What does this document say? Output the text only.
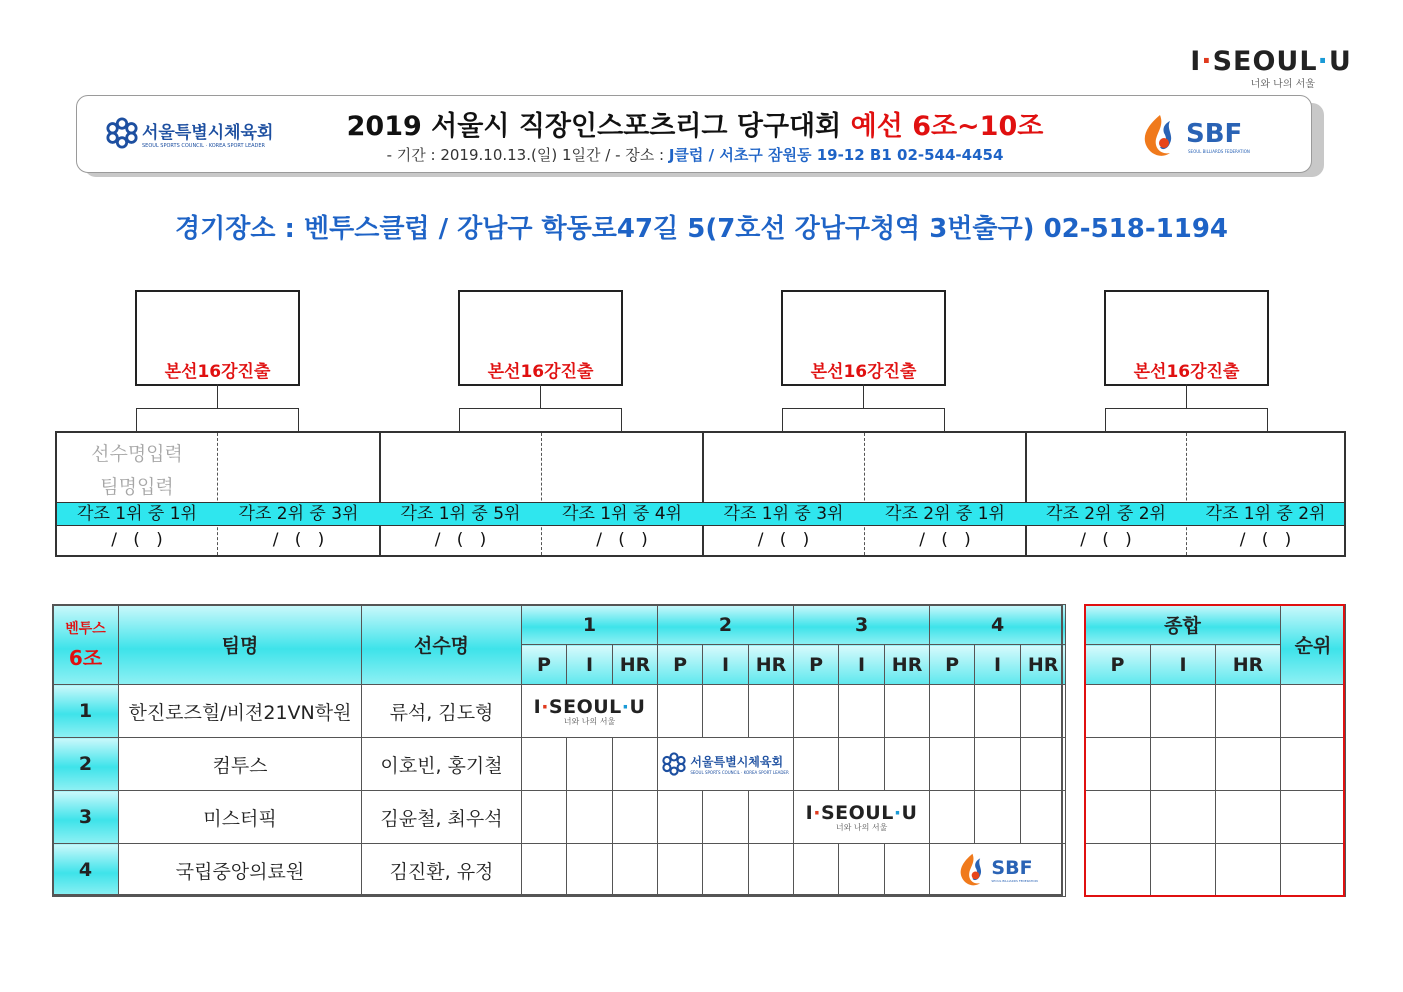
I·SEOUL·U
너와 나의 서울
서울특별시체육회
SEOUL SPORTS COUNCIL · KOREA SPORT LEADER
2019 서울시 직장인스포츠리그 당구대회 예선 6조~10조
- 기간 : 2019.10.13.(일) 1일간 / - 장소 : J클럽 / 서초구 잠원동 19-12 B1 02-544-4454
SBF
SEOUL BILLIARDS FEDERATION
경기장소 : 벤투스클럽 / 강남구 학동로47길 5(7호선 강남구청역 3번출구) 02-518-1194
본선16강진출	본선16강진출	본선16강진출	본선16강진출
선수명입력
팀명입력
각조 1위 중 1위	각조 2위 중 3위	각조 1위 중 5위	각조 1위 중 4위	각조 1위 중 3위	각조 2위 중 1위	각조 2위 중 2위	각조 1위 중 2위
/   (   )	/   (   )	/   (   )	/   (   )	/   (   )	/   (   )	/   (   )	/   (   )
벤투스
6조	팀명	선수명	1			2			3			4		
			P	I	HR	P	I	HR	P	I	HR	P	I	HR
1	한진로즈힐/비젼21VN학원	류석, 김도형	I·SEOUL·U
너와 나의 서울											

2	컴투스	이호빈, 홍기철				서울특별시체육회
SEOUL SPORTS COUNCIL · KOREA SPORT LEADER								

3	미스터픽	김윤철, 최우석							I·SEOUL·U
너와 나의 서울					

4	국립중앙의료원	김진환, 유정										SBF
SEOUL BILLIARDS FEDERATION		
종합			순위
P	I	HR	
